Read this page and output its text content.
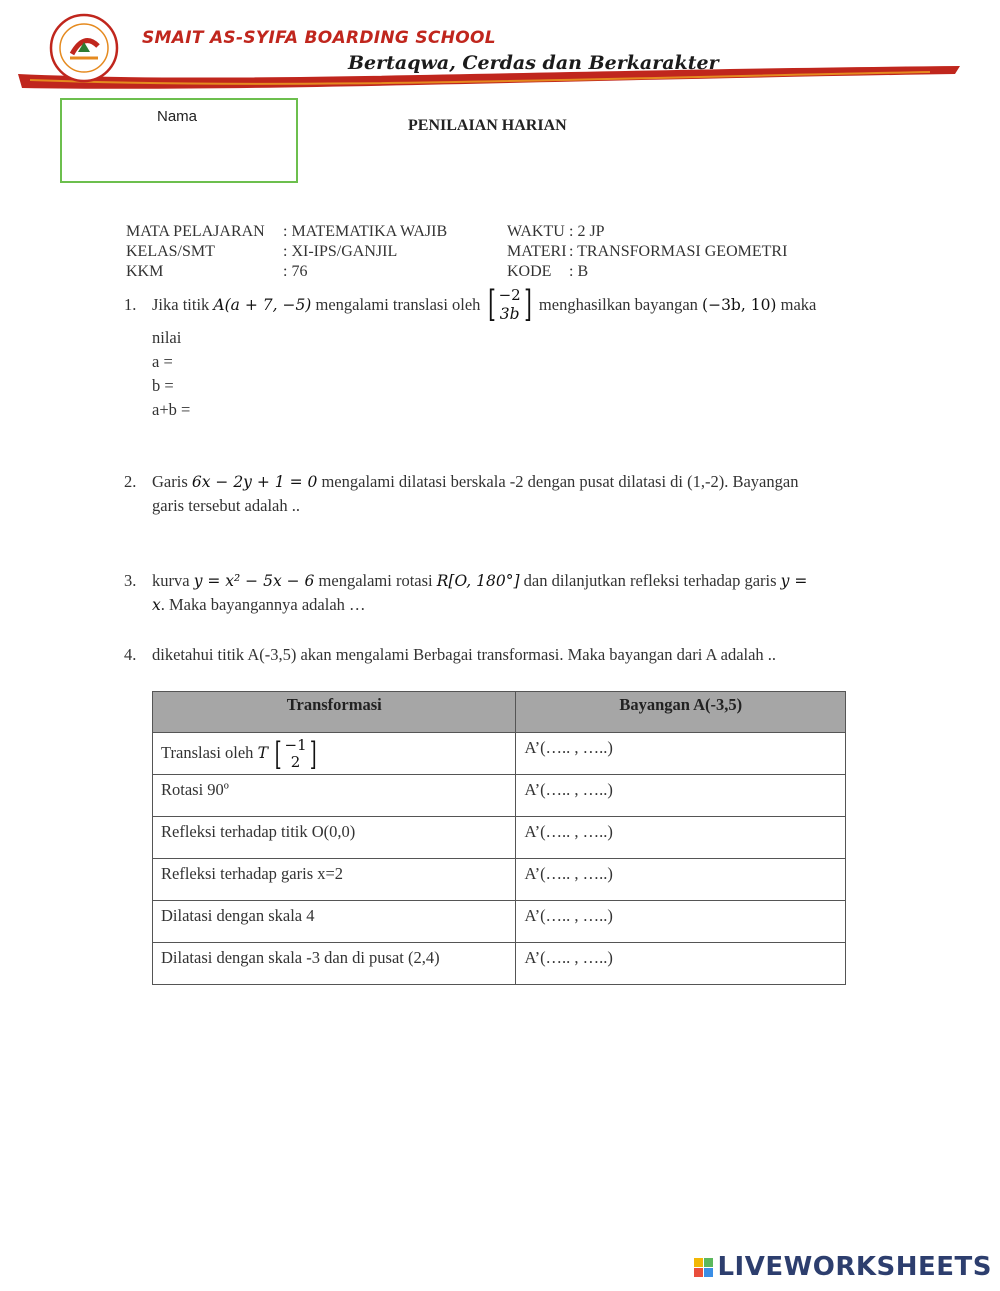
SMAIT AS-SYIFA BOARDING SCHOOL
Bertaqwa, Cerdas dan Berkarakter
Nama
PENILAIAN HARIAN
MATA PELAJARAN : MATEMATIKA WAJIB
KELAS/SMT	: XI-IPS/GANJIL
KKM	: 76
WAKTU : 2 JP
MATERI : TRANSFORMASI GEOMETRI
KODE : B
1. Jika titik
A(a + 7, −5)
mengalami translasi oleh
[ −2
3b ]
menghasilkan bayangan
(−3b, 10)
maka
nilai
a =
b =
a+b =
2. Garis 6x − 2y + 1 = 0 mengalami dilatasi berskala -2 dengan pusat dilatasi di (1,-2). Bayangan
garis tersebut adalah ..
3. kurva y = x² − 5x − 6 mengalami rotasi R[O, 180°] dan dilanjutkan refleksi terhadap garis y =
x. Maka bayangannya adalah …
4. diketahui titik A(-3,5) akan mengalami Berbagai transformasi. Maka bayangan dari A adalah ..
Transformasi	Bayangan A(-3,5)
Translasi oleh T [ −1
2 ]	A’(….. , …..)
Rotasi 90º	A’(….. , …..)
Refleksi terhadap titik O(0,0)	A’(….. , …..)
Refleksi terhadap garis x=2	A’(….. , …..)
Dilatasi dengan skala 4	A’(….. , …..)
Dilatasi dengan skala -3 dan di pusat (2,4)	A’(….. , …..)
LIVEWORKSHEETS
